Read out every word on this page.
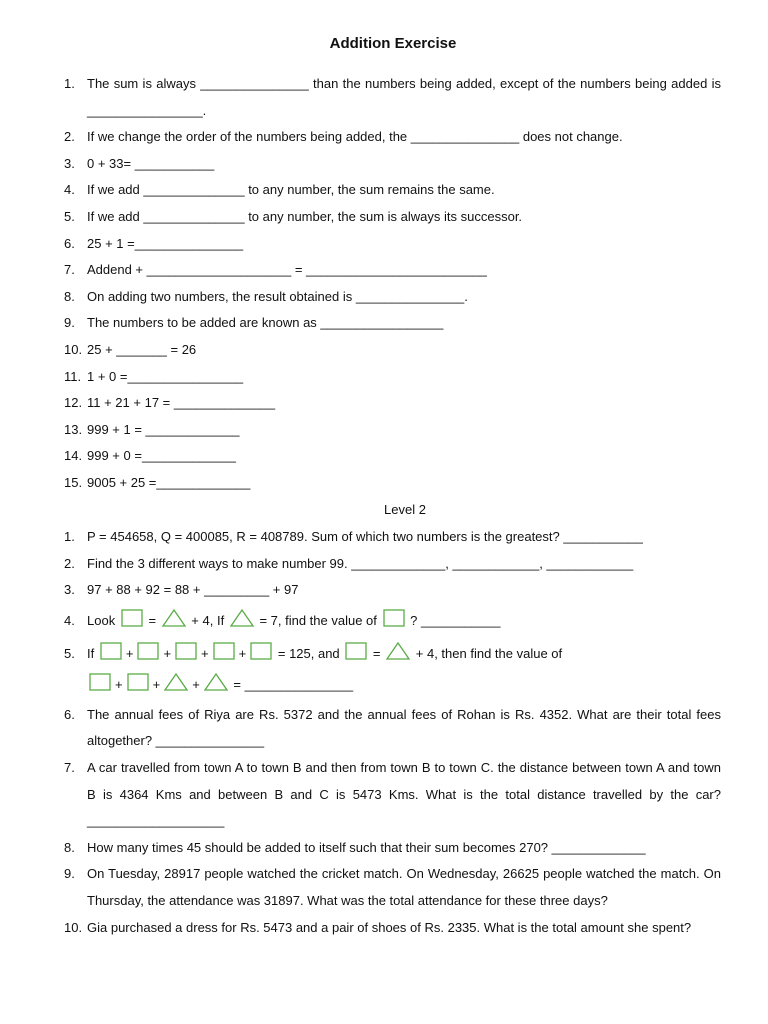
Addition Exercise
1. The sum is always _______________ than the numbers being added, except of the numbers being added is ________________.
2. If we change the order of the numbers being added, the _______________ does not change.
3. 0 + 33= ___________
4. If we add ______________ to any number, the sum remains the same.
5. If we add ______________ to any number, the sum is always its successor.
6. 25 + 1 =_______________
7. Addend + ____________________ = _________________________
8. On adding two numbers, the result obtained is _______________.
9. The numbers to be added are known as _________________
10. 25 + _______ = 26
11. 1 + 0 =________________
12. 11 + 21 + 17 = ______________
13. 999 + 1 = _____________
14. 999 + 0 =_____________
15. 9005 + 25 =_____________
Level 2
1. P = 454658, Q = 400085, R = 408789. Sum of which two numbers is the greatest? ___________
2. Find the 3 different ways to make number 99. _____________, ____________, ____________
3. 97 + 88 + 92 = 88 + _________ + 97
4. Look	=	+ 4, If	= 7, find the value of	? ___________
5. If + + + + = 125, and	=	+ 4, then find the value of
+ + +	= _______________
6. The annual fees of Riya are Rs. 5372 and the annual fees of Rohan is Rs. 4352. What are their total fees altogether? _______________
7. A car travelled from town A to town B and then from town B to town C. the distance between town A and town B is 4364 Kms and between B and C is 5473 Kms. What is the total distance travelled by the car? ___________________
8. How many times 45 should be added to itself such that their sum becomes 270? _____________
9. On Tuesday, 28917 people watched the cricket match. On Wednesday, 26625 people watched the match. On Thursday, the attendance was 31897. What was the total attendance for these three days?
10. Gia purchased a dress for Rs. 5473 and a pair of shoes of Rs. 2335. What is the total amount she spent?
